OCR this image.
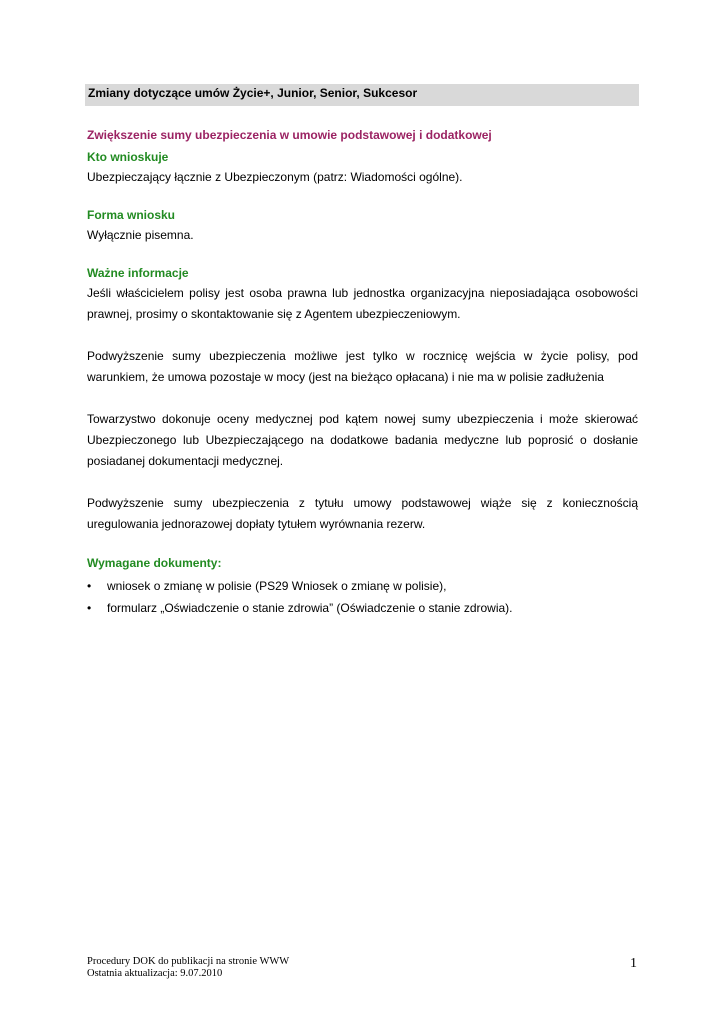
Zmiany dotyczące umów Życie+, Junior, Senior, Sukcesor

Zwiększenie sumy ubezpieczenia w umowie podstawowej i dodatkowej

Kto wnioskuje

Ubezpieczający łącznie z Ubezpieczonym (patrz: Wiadomości ogólne).

Forma wniosku

Wyłącznie pisemna.

Ważne informacje

Jeśli właścicielem polisy jest osoba prawna lub jednostka organizacyjna nieposiadająca osobowości prawnej, prosimy o skontaktowanie się z Agentem ubezpieczeniowym.

Podwyższenie sumy ubezpieczenia możliwe jest tylko w rocznicę wejścia w życie polisy, pod warunkiem, że umowa pozostaje w mocy (jest na bieżąco opłacana) i nie ma w polisie zadłużenia

Towarzystwo dokonuje oceny medycznej pod kątem nowej sumy ubezpieczenia i może skierować Ubezpieczonego lub Ubezpieczającego na dodatkowe badania medyczne lub poprosić o dosłanie posiadanej dokumentacji medycznej.

Podwyższenie sumy ubezpieczenia z tytułu umowy podstawowej wiąże się z koniecznością uregulowania jednorazowej dopłaty tytułem wyrównania rezerw.

Wymagane dokumenty:

• wniosek o zmianę w polisie (PS29 Wniosek o zmianę w polisie),
• formularz „Oświadczenie o stanie zdrowia” (Oświadczenie o stanie zdrowia).
Procedury DOK do publikacji na stronie WWW
Ostatnia aktualizacja: 9.07.2010
1
